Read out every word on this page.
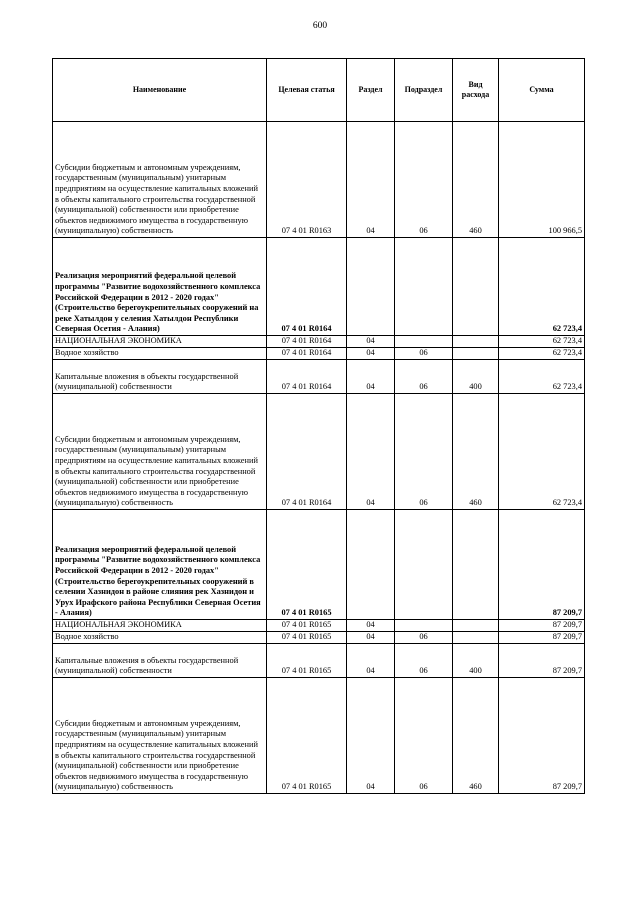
600
Наименование	Целевая статья	Раздел	Подраздел	Вид расхода	Сумма
Субсидии бюджетным и автономным учреждениям, государственным (муниципальным) унитарным предприятиям на осуществление капитальных вложений в объекты капитального строительства государственной (муниципальной) собственности или приобретение объектов недвижимого имущества в государственную (муниципальную) собственность	07 4 01 R0163	04	06	460	100 966,5
Реализация мероприятий федеральной целевой программы "Развитие водохозяйственного комплекса Российской Федерации в 2012 - 2020 годах" (Строительство берегоукрепительных сооружений на реке Хатылдон у селения Хатылдон Республики Северная Осетия - Алания)	07 4 01 R0164				62 723,4
НАЦИОНАЛЬНАЯ ЭКОНОМИКА	07 4 01 R0164	04			62 723,4
Водное хозяйство	07 4 01 R0164	04	06		62 723,4
Капитальные вложения в объекты государственной (муниципальной) собственности	07 4 01 R0164	04	06	400	62 723,4
Субсидии бюджетным и автономным учреждениям, государственным (муниципальным) унитарным предприятиям на осуществление капитальных вложений в объекты капитального строительства государственной (муниципальной) собственности или приобретение объектов недвижимого имущества в государственную (муниципальную) собственность	07 4 01 R0164	04	06	460	62 723,4
Реализация мероприятий федеральной целевой программы "Развитие водохозяйственного комплекса Российской Федерации в 2012 - 2020 годах" (Строительство берегоукрепительных сооружений в селении Хазнидон в районе слияния рек Хазнидон и Урух Ирафского района Республики Северная Осетия - Алания)	07 4 01 R0165				87 209,7
НАЦИОНАЛЬНАЯ ЭКОНОМИКА	07 4 01 R0165	04			87 209,7
Водное хозяйство	07 4 01 R0165	04	06		87 209,7
Капитальные вложения в объекты государственной (муниципальной) собственности	07 4 01 R0165	04	06	400	87 209,7
Субсидии бюджетным и автономным учреждениям, государственным (муниципальным) унитарным предприятиям на осуществление капитальных вложений в объекты капитального строительства государственной (муниципальной) собственности или приобретение объектов недвижимого имущества в государственную (муниципальную) собственность	07 4 01 R0165	04	06	460	87 209,7
